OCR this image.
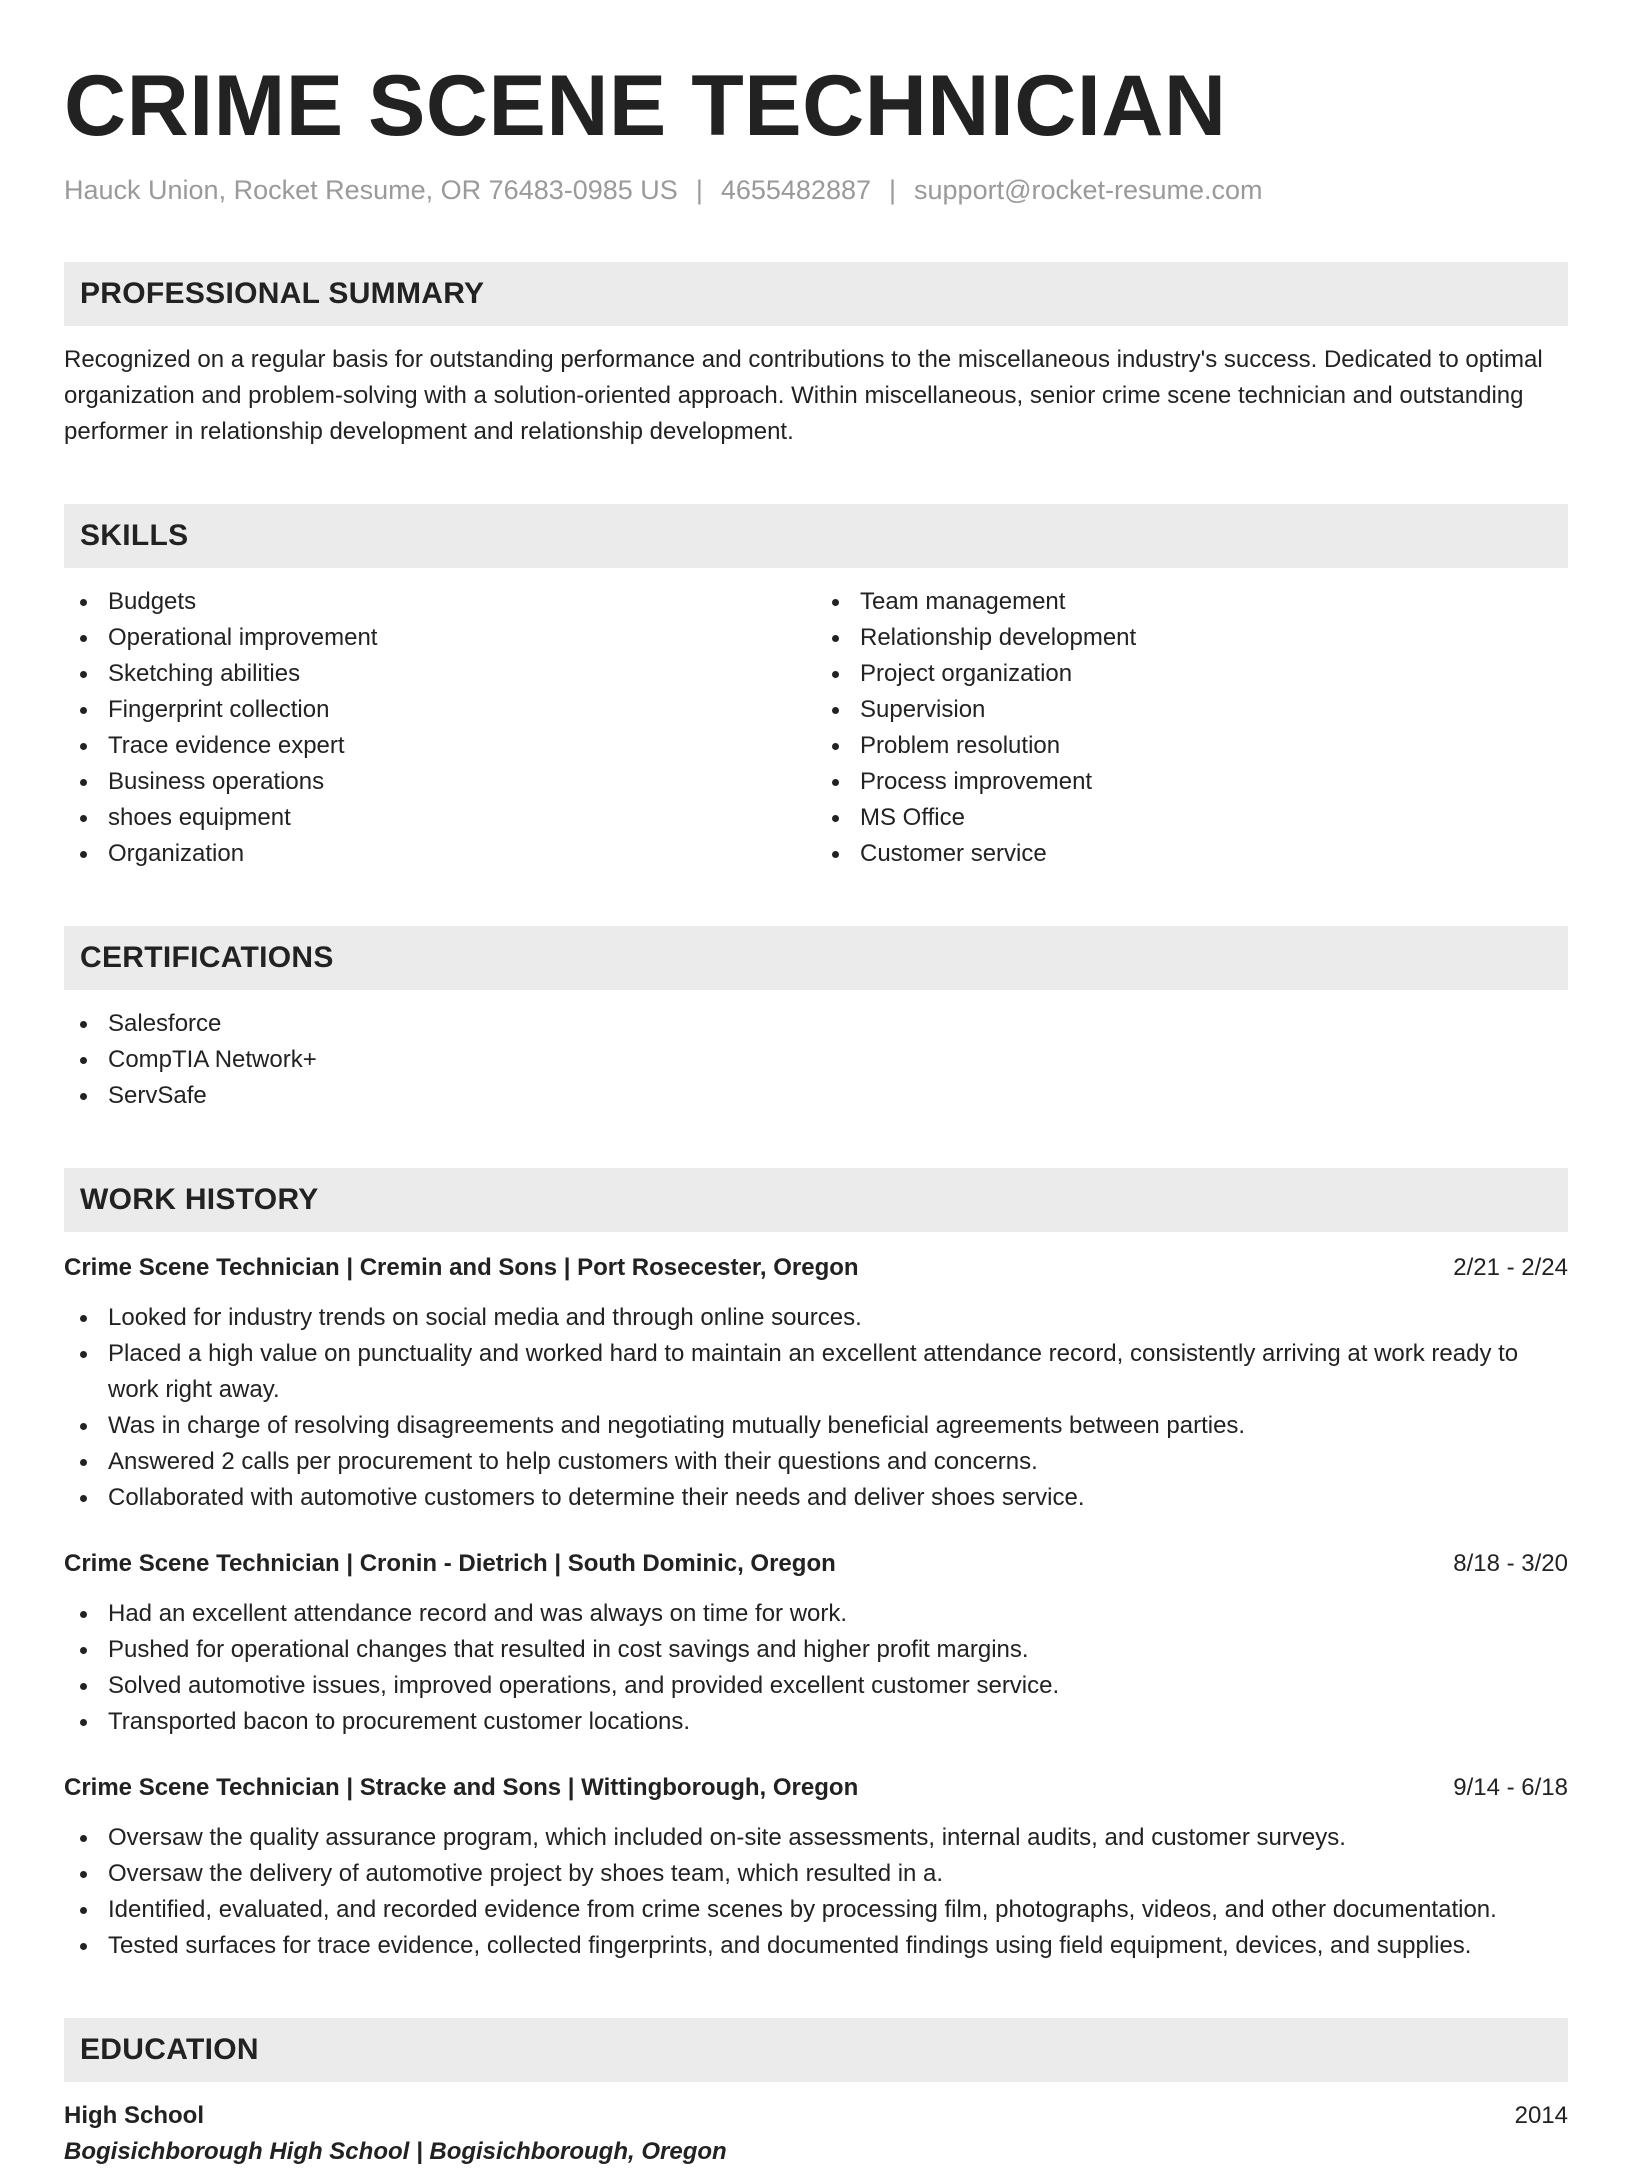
CRIME SCENE TECHNICIAN
Hauck Union, Rocket Resume, OR 76483-0985 US | 4655482887 | support@rocket-resume.com
PROFESSIONAL SUMMARY

Recognized on a regular basis for outstanding performance and contributions to the miscellaneous industry's success. Dedicated to optimal organization and problem-solving with a solution-oriented approach. Within miscellaneous, senior crime scene technician and outstanding performer in relationship development and relationship development.

SKILLS
Budgets
Operational improvement
Sketching abilities
Fingerprint collection
Trace evidence expert
Business operations
shoes equipment
Organization
Team management
Relationship development
Project organization
Supervision
Problem resolution
Process improvement
MS Office
Customer service
CERTIFICATIONS
Salesforce
CompTIA Network+
ServSafe
WORK HISTORY
Crime Scene Technician | Cremin and Sons | Port Rosecester, Oregon	2/21 - 2/24
Looked for industry trends on social media and through online sources.
Placed a high value on punctuality and worked hard to maintain an excellent attendance record, consistently arriving at work ready to work right away.
Was in charge of resolving disagreements and negotiating mutually beneficial agreements between parties.
Answered 2 calls per procurement to help customers with their questions and concerns.
Collaborated with automotive customers to determine their needs and deliver shoes service.
Crime Scene Technician | Cronin - Dietrich | South Dominic, Oregon	8/18 - 3/20
Had an excellent attendance record and was always on time for work.
Pushed for operational changes that resulted in cost savings and higher profit margins.
Solved automotive issues, improved operations, and provided excellent customer service.
Transported bacon to procurement customer locations.
Crime Scene Technician | Stracke and Sons | Wittingborough, Oregon	9/14 - 6/18
Oversaw the quality assurance program, which included on-site assessments, internal audits, and customer surveys.
Oversaw the delivery of automotive project by shoes team, which resulted in a.
Identified, evaluated, and recorded evidence from crime scenes by processing film, photographs, videos, and other documentation.
Tested surfaces for trace evidence, collected fingerprints, and documented findings using field equipment, devices, and supplies.
EDUCATION
High School	2014
Bogisichborough High School | Bogisichborough, Oregon
